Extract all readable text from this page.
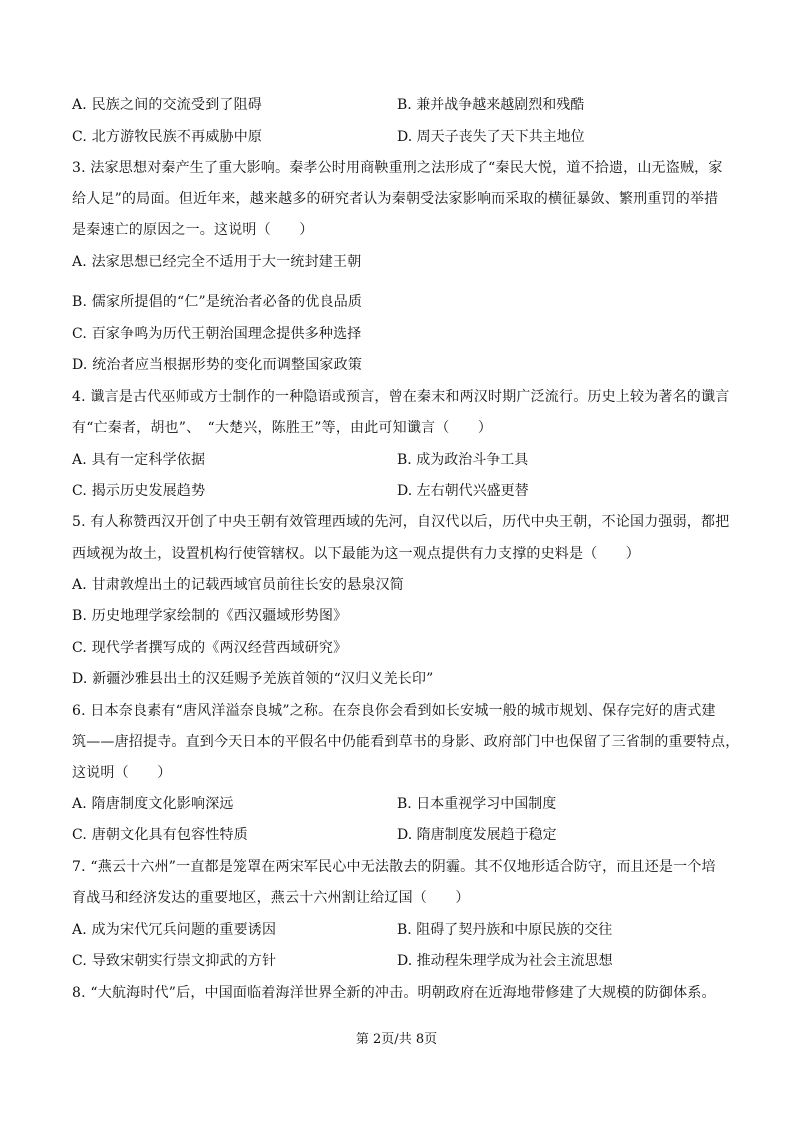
A. 民族之间的交流受到了阻碍	B. 兼并战争越来越剧烈和残酷
C. 北方游牧民族不再威胁中原	D. 周天子丧失了天下共主地位
3. 法家思想对秦产生了重大影响。秦孝公时用商鞅重刑之法形成了“秦民大悦，道不拾遗，山无盗贼，家
给人足”的局面。但近年来，越来越多的研究者认为秦朝受法家影响而采取的横征暴敛、繁刑重罚的举措
是秦速亡的原因之一。这说明（　　）
A. 法家思想已经完全不适用于大一统封建王朝
B. 儒家所提倡的“仁”是统治者必备的优良品质
C. 百家争鸣为历代王朝治国理念提供多种选择
D. 统治者应当根据形势的变化而调整国家政策
4. 谶言是古代巫师或方士制作的一种隐语或预言，曾在秦末和两汉时期广泛流行。历史上较为著名的谶言
有“亡秦者，胡也”、　“大楚兴，陈胜王”等，由此可知谶言（　　）
A. 具有一定科学依据	B. 成为政治斗争工具
C. 揭示历史发展趋势	D. 左右朝代兴盛更替
5. 有人称赞西汉开创了中央王朝有效管理西域的先河，自汉代以后，历代中央王朝，不论国力强弱，都把
西域视为故土，设置机构行使管辖权。以下最能为这一观点提供有力支撑的史料是（　　）
A. 甘肃敦煌出土的记载西域官员前往长安的悬泉汉简
B. 历史地理学家绘制的《西汉疆域形势图》
C. 现代学者撰写成的《两汉经营西域研究》
D. 新疆沙雅县出土的汉廷赐予羌族首领的“汉归义羌长印”
6. 日本奈良素有“唐风洋溢奈良城”之称。在奈良你会看到如长安城一般的城市规划、保存完好的唐式建
筑——唐招提寺。直到今天日本的平假名中仍能看到草书的身影、政府部门中也保留了三省制的重要特点，
这说明（　　）
A. 隋唐制度文化影响深远	B. 日本重视学习中国制度
C. 唐朝文化具有包容性特质	D. 隋唐制度发展趋于稳定
7. “燕云十六州”一直都是笼罩在两宋军民心中无法散去的阴霾。其不仅地形适合防守，而且还是一个培
育战马和经济发达的重要地区，燕云十六州割让给辽国（　　）
A. 成为宋代冗兵问题的重要诱因	B. 阻碍了契丹族和中原民族的交往
C. 导致宋朝实行崇文抑武的方针	D. 推动程朱理学成为社会主流思想
8. “大航海时代”后，中国面临着海洋世界全新的冲击。明朝政府在近海地带修建了大规模的防御体系。
第 2页/共 8页
